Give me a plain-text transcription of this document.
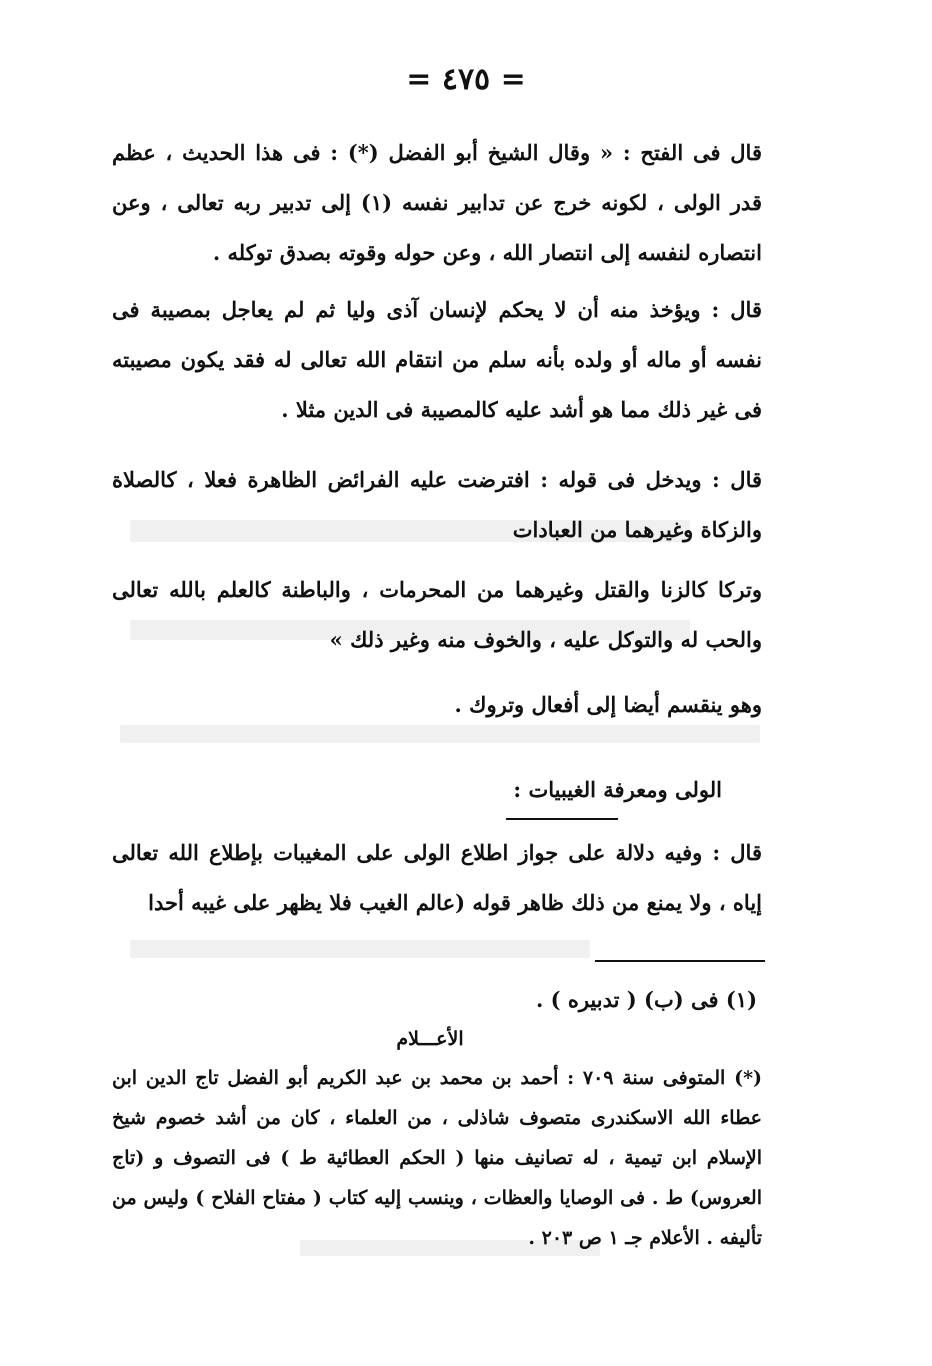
= ٤٧٥ =

قال فى الفتح : « وقال الشيخ أبو الفضل (*) : فى هذا الحديث ، عظم قدر الولى ، لكونه خرج عن تدابير نفسه (١) إلى تدبير ربه تعالى ، وعن انتصاره لنفسه إلى انتصار الله ، وعن حوله وقوته بصدق توكله .

قال : ويؤخذ منه أن لا يحكم لإنسان آذى وليا ثم لم يعاجل بمصيبة فى نفسه أو ماله أو ولده بأنه سلم من انتقام الله تعالى له فقد يكون مصيبته فى غير ذلك مما هو أشد عليه كالمصيبة فى الدين مثلا .

قال : ويدخل فى قوله : افترضت عليه الفرائض الظاهرة فعلا ، كالصلاة والزكاة وغيرهما من العبادات

وتركا كالزنا والقتل وغيرهما من المحرمات ، والباطنة كالعلم بالله تعالى والحب له والتوكل عليه ، والخوف منه وغير ذلك »

وهو ينقسم أيضا إلى أفعال وتروك .

الولى ومعرفة الغيبيات :

قال : وفيه دلالة على جواز اطلاع الولى على المغيبات بإطلاع الله تعالى إياه ، ولا يمنع من ذلك ظاهر قوله (عالم الغيب فلا يظهر على غيبه أحدا

(١) فى (ب) ( تدبيره ) .
الأعـــلام
(*) المتوفى سنة ٧٠٩ : أحمد بن محمد بن عبد الكريم أبو الفضل تاج الدين ابن عطاء الله الاسكندرى متصوف شاذلى ، من العلماء ، كان من أشد خصوم شيخ الإسلام ابن تيمية ، له تصانيف منها ( الحكم العطائية ط ) فى التصوف و (تاج العروس) ط . فى الوصايا والعظات ، وينسب إليه كتاب ( مفتاح الفلاح ) وليس من تأليفه . الأعلام جـ ١ ص ٢٠٣ .
